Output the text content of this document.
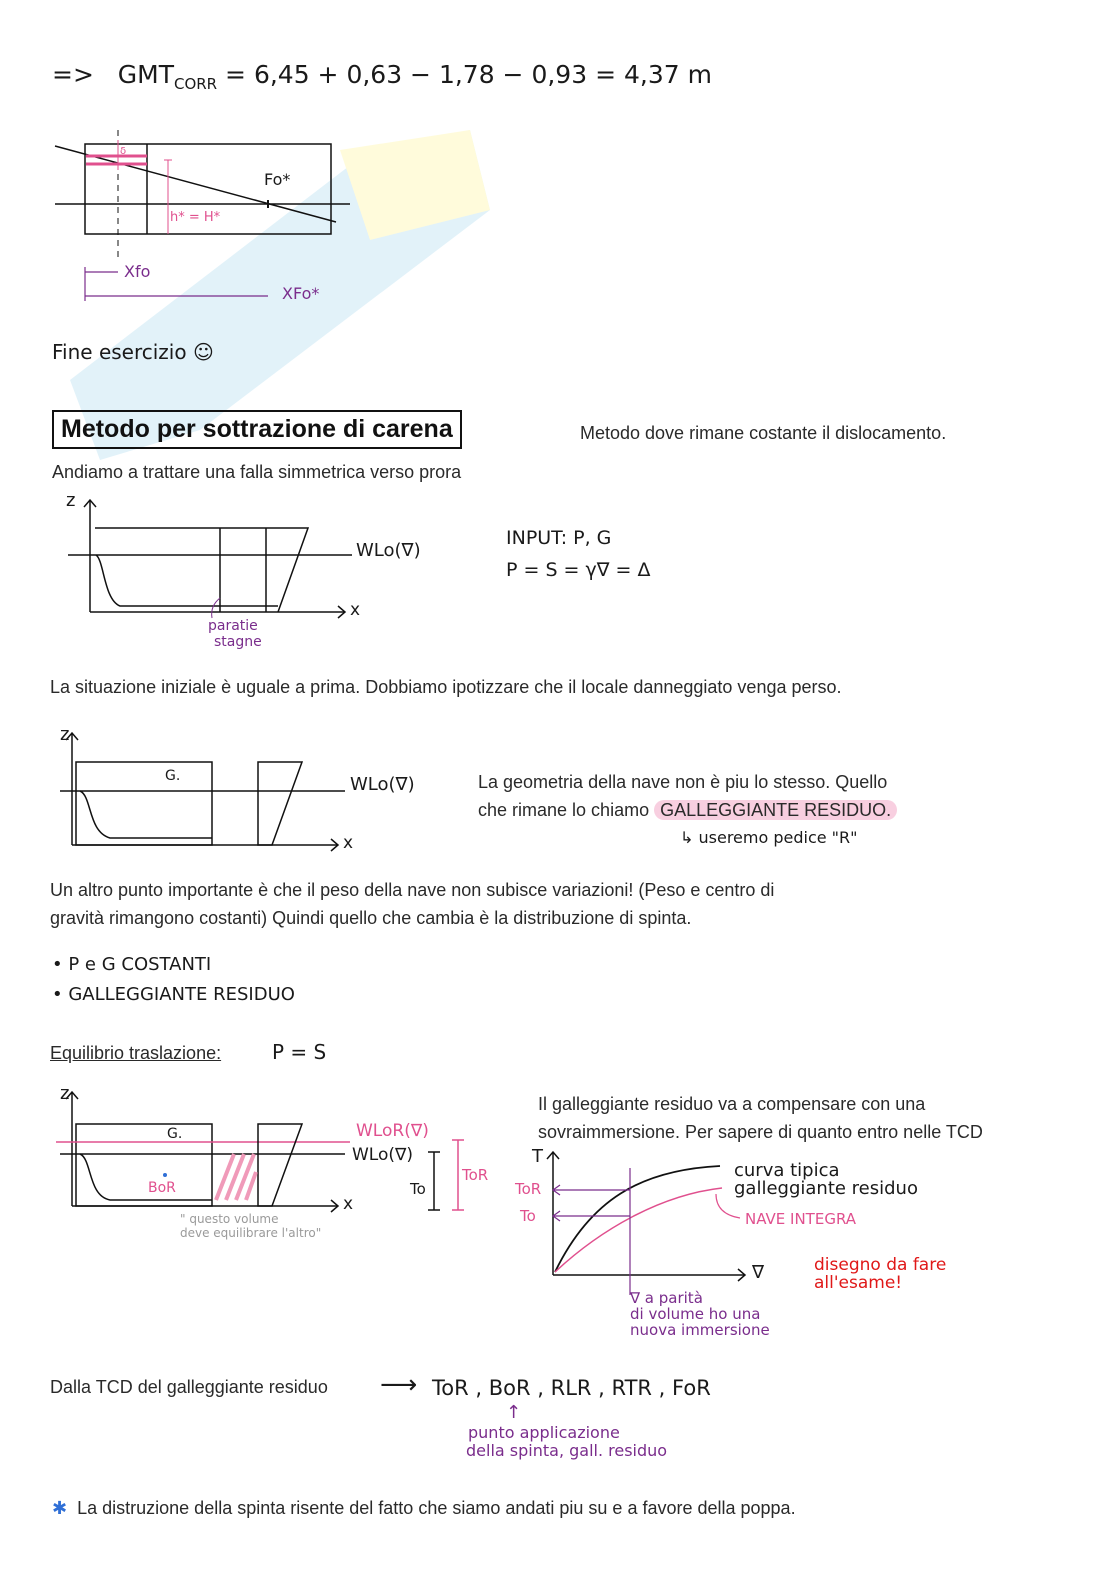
=> $GMT_{CORR} = 6,45 + 0,63 - 1,78 - 0,93 = 4,37$ m
δ
Fo*
h* = H*
Xfo
XFo*
Fine esercizio ☺
Metodo per sottrazione di carena	Metodo dove rimane costante il dislocamento.
Andiamo a trattare una falla simmetrica verso prora
z
x
WLo(∇)
paratie
stagne
INPUT: P, G
P = S = γ∇ = Δ
La situazione iniziale è uguale a prima. Dobbiamo ipotizzare che il locale danneggiato venga perso.
z
x
G.	WLo(∇)	La geometria della nave non è piu lo stesso. Quello
che rimane lo chiamo GALLEGGIANTE RESIDUO.
↳ useremo pedice "R"
Un altro punto importante è che il peso della nave non subisce variazioni! (Peso e centro di
gravità rimangono costanti) Quindi quello che cambia è la distribuzione di spinta.
• P e G COSTANTI
• GALLEGGIANTE RESIDUO
Equilibrio traslazione:	P = S
z
x
G.
BoR
WLoR(∇)
WLo(∇)
To
ToR
" questo volume
deve equilibrare l'altro"
Il galleggiante residuo va a compensare con una
sovraimmersione. Per sapere di quanto entro nelle TCD
T
∇
ToR
To
curva tipica
galleggiante residuo
NAVE INTEGRA
disegno da fare
all'esame!
∇ a parità
di volume ho una
nuova immersione
Dalla TCD del galleggiante residuo ⟶ ToR , BoR , RLR , RTR , FoR
↑
punto applicazione
della spinta, gall. residuo
✱ La distruzione della spinta risente del fatto che siamo andati piu su e a favore della poppa.
